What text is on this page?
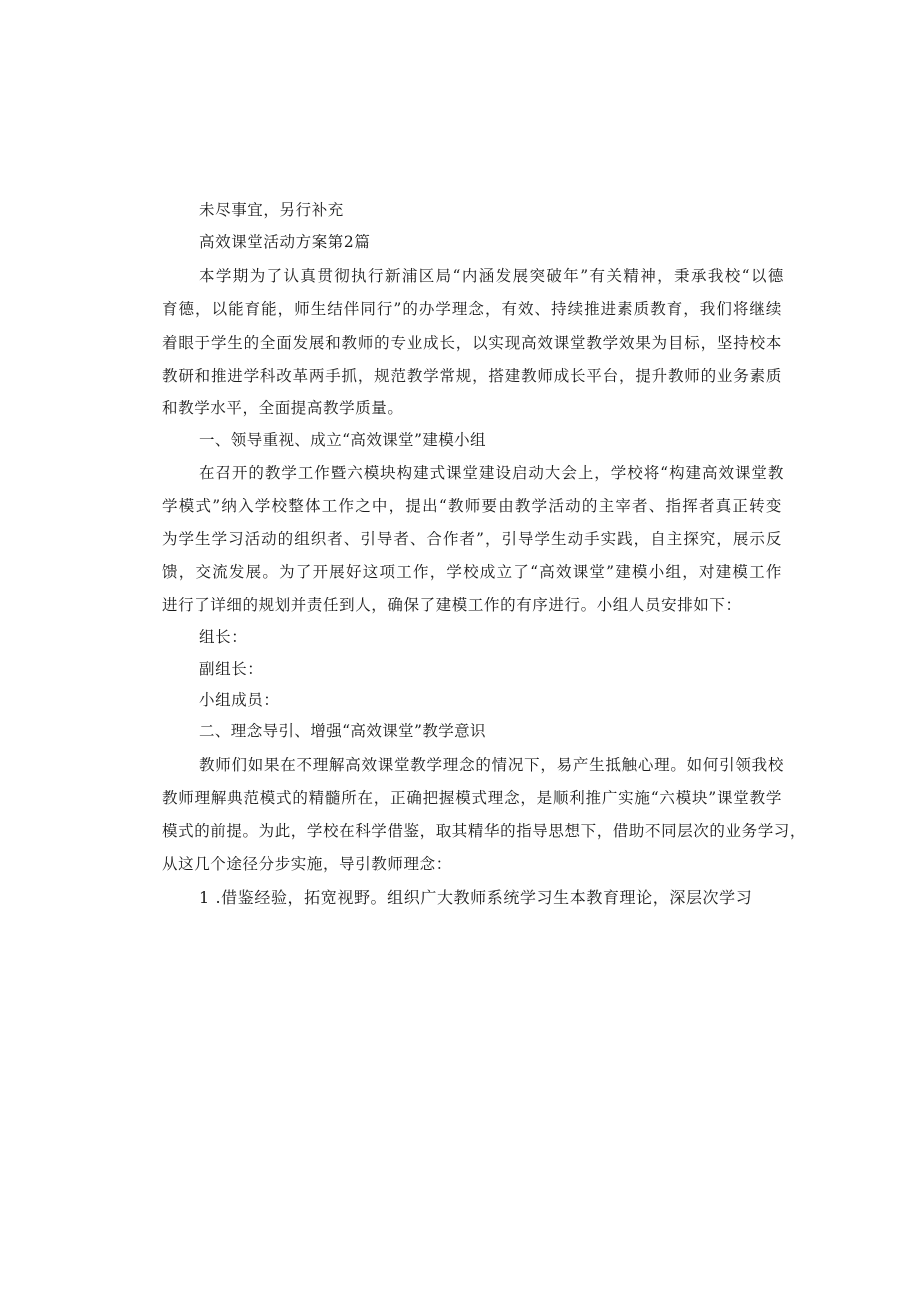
未尽事宜，另行补充
高效课堂活动方案第2篇
本学期为了认真贯彻执行新浦区局“内涵发展突破年”有关精神，秉承我校“以德
育德，以能育能，师生结伴同行”的办学理念，有效、持续推进素质教育，我们将继续
着眼于学生的全面发展和教师的专业成长，以实现高效课堂教学效果为目标，坚持校本
教研和推进学科改革两手抓，规范教学常规，搭建教师成长平台，提升教师的业务素质
和教学水平，全面提高教学质量。
一、领导重视、成立“高效课堂”建模小组
在召开的教学工作暨六模块构建式课堂建设启动大会上，学校将“构建高效课堂教
学模式”纳入学校整体工作之中，提出“教师要由教学活动的主宰者、指挥者真正转变
为学生学习活动的组织者、引导者、合作者”，引导学生动手实践，自主探究，展示反
馈，交流发展。为了开展好这项工作，学校成立了“高效课堂”建模小组，对建模工作
进行了详细的规划并责任到人，确保了建模工作的有序进行。小组人员安排如下：
组长：
副组长：
小组成员：
二、理念导引、增强“高效课堂”教学意识
教师们如果在不理解高效课堂教学理念的情况下，易产生抵触心理。如何引领我校
教师理解典范模式的精髓所在，正确把握模式理念，是顺利推广实施“六模块”课堂教学
模式的前提。为此，学校在科学借鉴，取其精华的指导思想下，借助不同层次的业务学习，
从这几个途径分步实施，导引教师理念：
1 .借鉴经验，拓宽视野。组织广大教师系统学习生本教育理论，深层次学习
